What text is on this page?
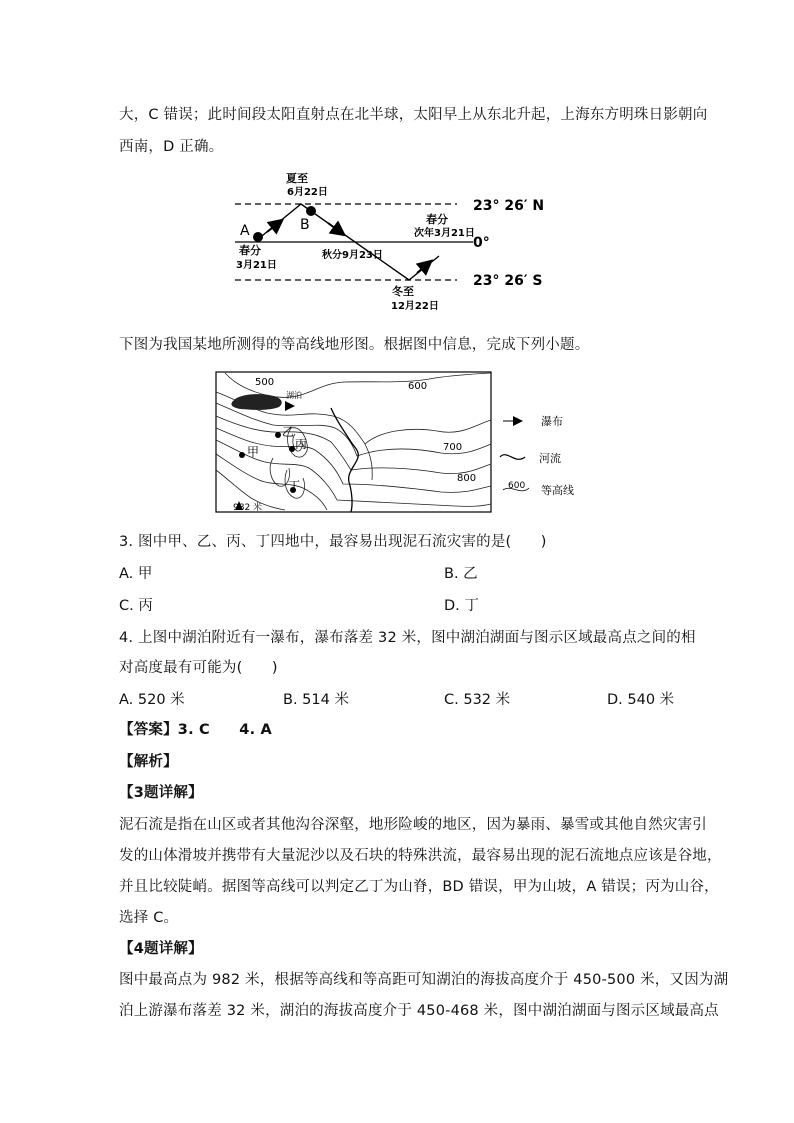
大，C 错误；此时间段太阳直射点在北半球，太阳早上从东北升起，上海东方明珠日影朝向
西南，D 正确。
A	B
夏至
6月22日
春分
3月21日
秋分9月23日
春分
次年3月21日
冬至
12月22日
23° 26′ N
0°
23° 26′ S
下图为我国某地所测得的等高线地形图。根据图中信息，完成下列小题。
500
湖泊
600
700
800
甲
乙
丙
丁
982 米
瀑布
河流
600 等高线
3. 图中甲、乙、丙、丁四地中，最容易出现泥石流灾害的是(　　)
A. 甲	B. 乙
C. 丙	D. 丁
4. 上图中湖泊附近有一瀑布，瀑布落差 32 米，图中湖泊湖面与图示区域最高点之间的相
对高度最有可能为(　　)
A. 520 米	B. 514 米	C. 532 米	D. 540 米
【答案】3. C　　4. A
【解析】
【3题详解】
泥石流是指在山区或者其他沟谷深壑，地形险峻的地区，因为暴雨、暴雪或其他自然灾害引
发的山体滑坡并携带有大量泥沙以及石块的特殊洪流，最容易出现的泥石流地点应该是谷地，
并且比较陡峭。据图等高线可以判定乙丁为山脊，BD 错误，甲为山坡，A 错误；丙为山谷，
选择 C。
【4题详解】
图中最高点为 982 米，根据等高线和等高距可知湖泊的海拔高度介于 450-500 米，又因为湖
泊上游瀑布落差 32 米，湖泊的海拔高度介于 450-468 米，图中湖泊湖面与图示区域最高点
